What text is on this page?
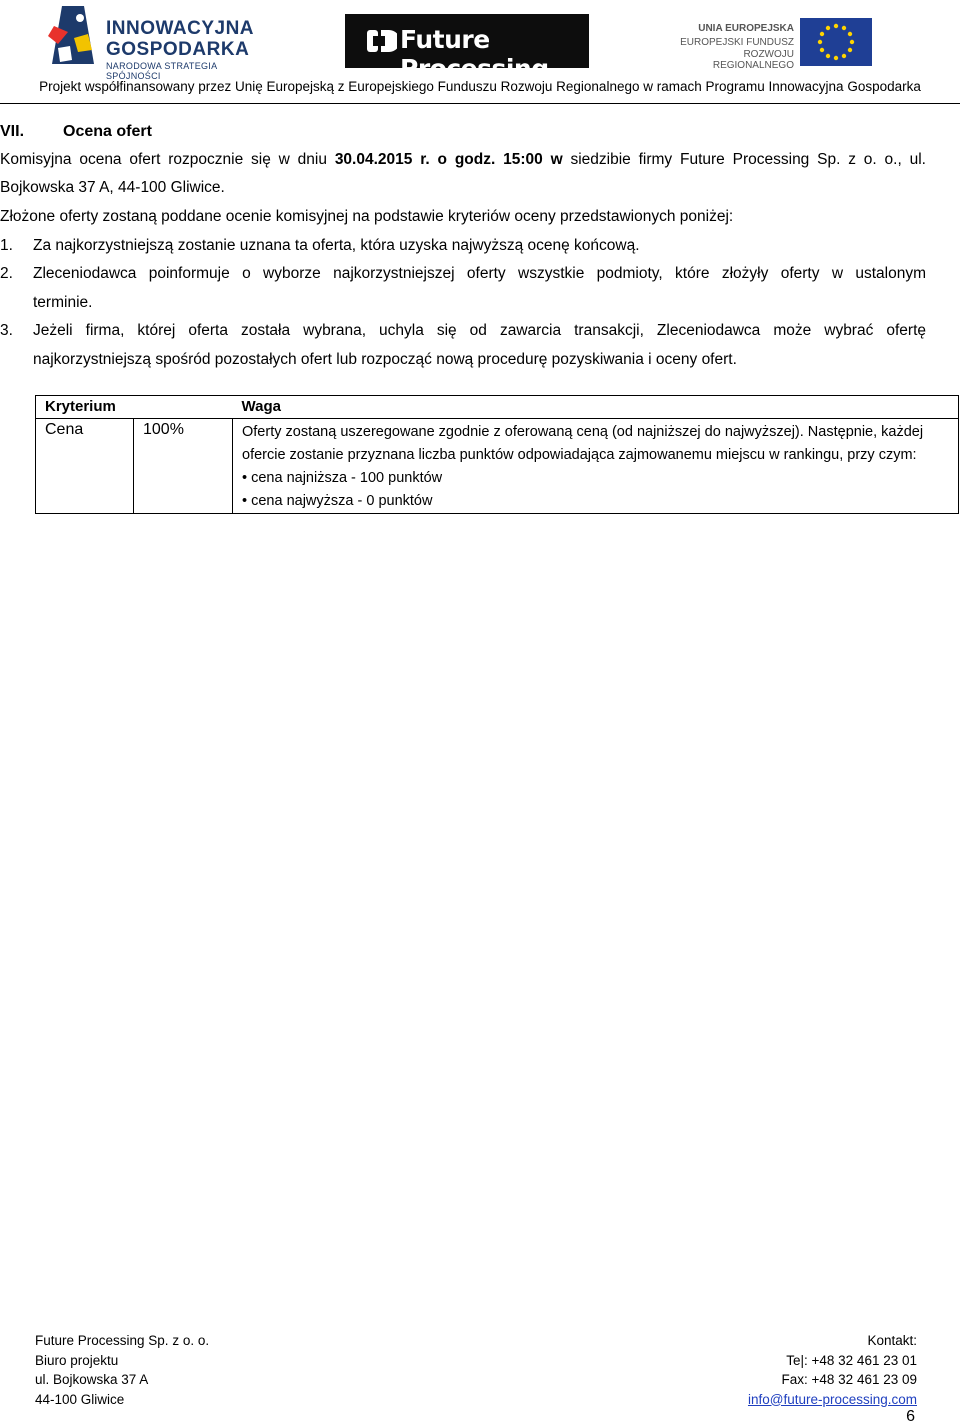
INNOWACYJNA
GOSPODARKA
NARODOWA STRATEGIA SPÓJNOŚCI
Future Processing
UNIA EUROPEJSKA
EUROPEJSKI FUNDUSZ
ROZWOJU REGIONALNEGO
Projekt współfinansowany przez Unię Europejską z Europejskiego Funduszu Rozwoju Regionalnego w ramach Programu Innowacyjna Gospodarka
VII. Ocena ofert
Komisyjna ocena ofert rozpocznie się w dniu 30.04.2015 r. o godz. 15:00 w siedzibie firmy Future Processing Sp. z o. o., ul.
Bojkowska 37 A, 44-100 Gliwice.
Złożone oferty zostaną poddane ocenie komisyjnej na podstawie kryteriów oceny przedstawionych poniżej:
1. Za najkorzystniejszą zostanie uznana ta oferta, która uzyska najwyższą ocenę końcową.
2. Zleceniodawca poinformuje o wyborze najkorzystniejszej oferty wszystkie podmioty, które złożyły oferty w ustalonym
terminie.
3. Jeżeli firma, której oferta została wybrana, uchyla się od zawarcia transakcji, Zleceniodawca może wybrać ofertę
najkorzystniejszą spośród pozostałych ofert lub rozpocząć nową procedurę pozyskiwania i oceny ofert.
Kryterium		Waga
Cena	100%	Oferty zostaną uszeregowane zgodnie z oferowaną ceną (od najniższej do najwyższej). Następnie, każdej
ofercie zostanie przyznana liczba punktów odpowiadająca zajmowanemu miejscu w rankingu, przy czym:
• cena najniższa - 100 punktów
• cena najwyższa - 0 punktów
Future Processing Sp. z o. o.
Biuro projektu
ul. Bojkowska 37 A
44-100 Gliwice
Kontakt:
Te|: +48 32 461 23 01
Fax: +48 32 461 23 09
info@future-processing.com
6
